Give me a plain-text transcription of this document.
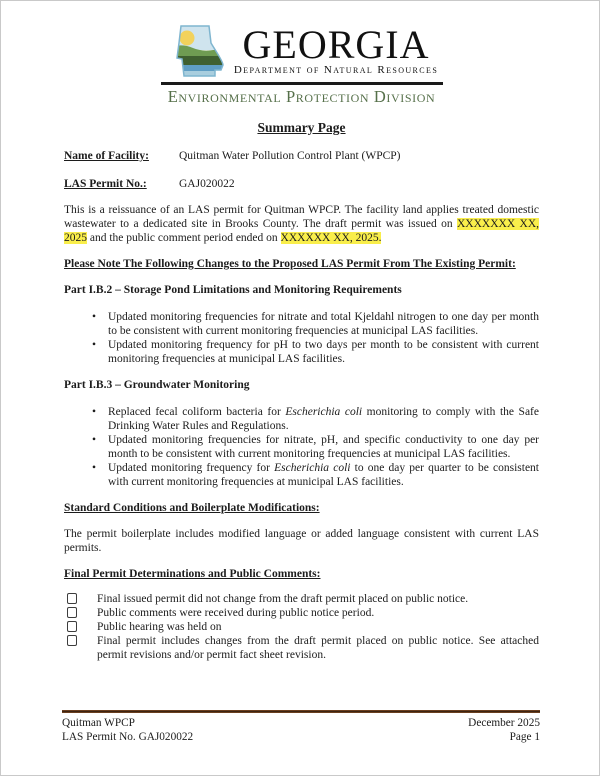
GEORGIA
Department of Natural Resources
Environmental Protection Division
Summary Page
Name of Facility:	Quitman Water Pollution Control Plant (WPCP)
LAS Permit No.:	GAJ020022
This is a reissuance of an LAS permit for Quitman WPCP. The facility land applies treated domestic wastewater to a dedicated site in Brooks County. The draft permit was issued on XXXXXXX XX, 2025 and the public comment period ended on XXXXXX XX, 2025.
Please Note The Following Changes to the Proposed LAS Permit From The Existing Permit:
Part I.B.2 – Storage Pond Limitations and Monitoring Requirements
• Updated monitoring frequencies for nitrate and total Kjeldahl nitrogen to one day per month to be consistent with current monitoring frequencies at municipal LAS facilities.
• Updated monitoring frequency for pH to two days per month to be consistent with current monitoring frequencies at municipal LAS facilities.
Part I.B.3 – Groundwater Monitoring
• Replaced fecal coliform bacteria for Escherichia coli monitoring to comply with the Safe Drinking Water Rules and Regulations.
• Updated monitoring frequencies for nitrate, pH, and specific conductivity to one day per month to be consistent with current monitoring frequencies at municipal LAS facilities.
• Updated monitoring frequency for Escherichia coli to one day per quarter to be consistent with current monitoring frequencies at municipal LAS facilities.
Standard Conditions and Boilerplate Modifications:
The permit boilerplate includes modified language or added language consistent with current LAS permits.
Final Permit Determinations and Public Comments:
Final issued permit did not change from the draft permit placed on public notice.
Public comments were received during public notice period.
Public hearing was held on
Final permit includes changes from the draft permit placed on public notice. See attached permit revisions and/or permit fact sheet revision.
Quitman WPCP	December 2025
LAS Permit No. GAJ020022	Page 1
